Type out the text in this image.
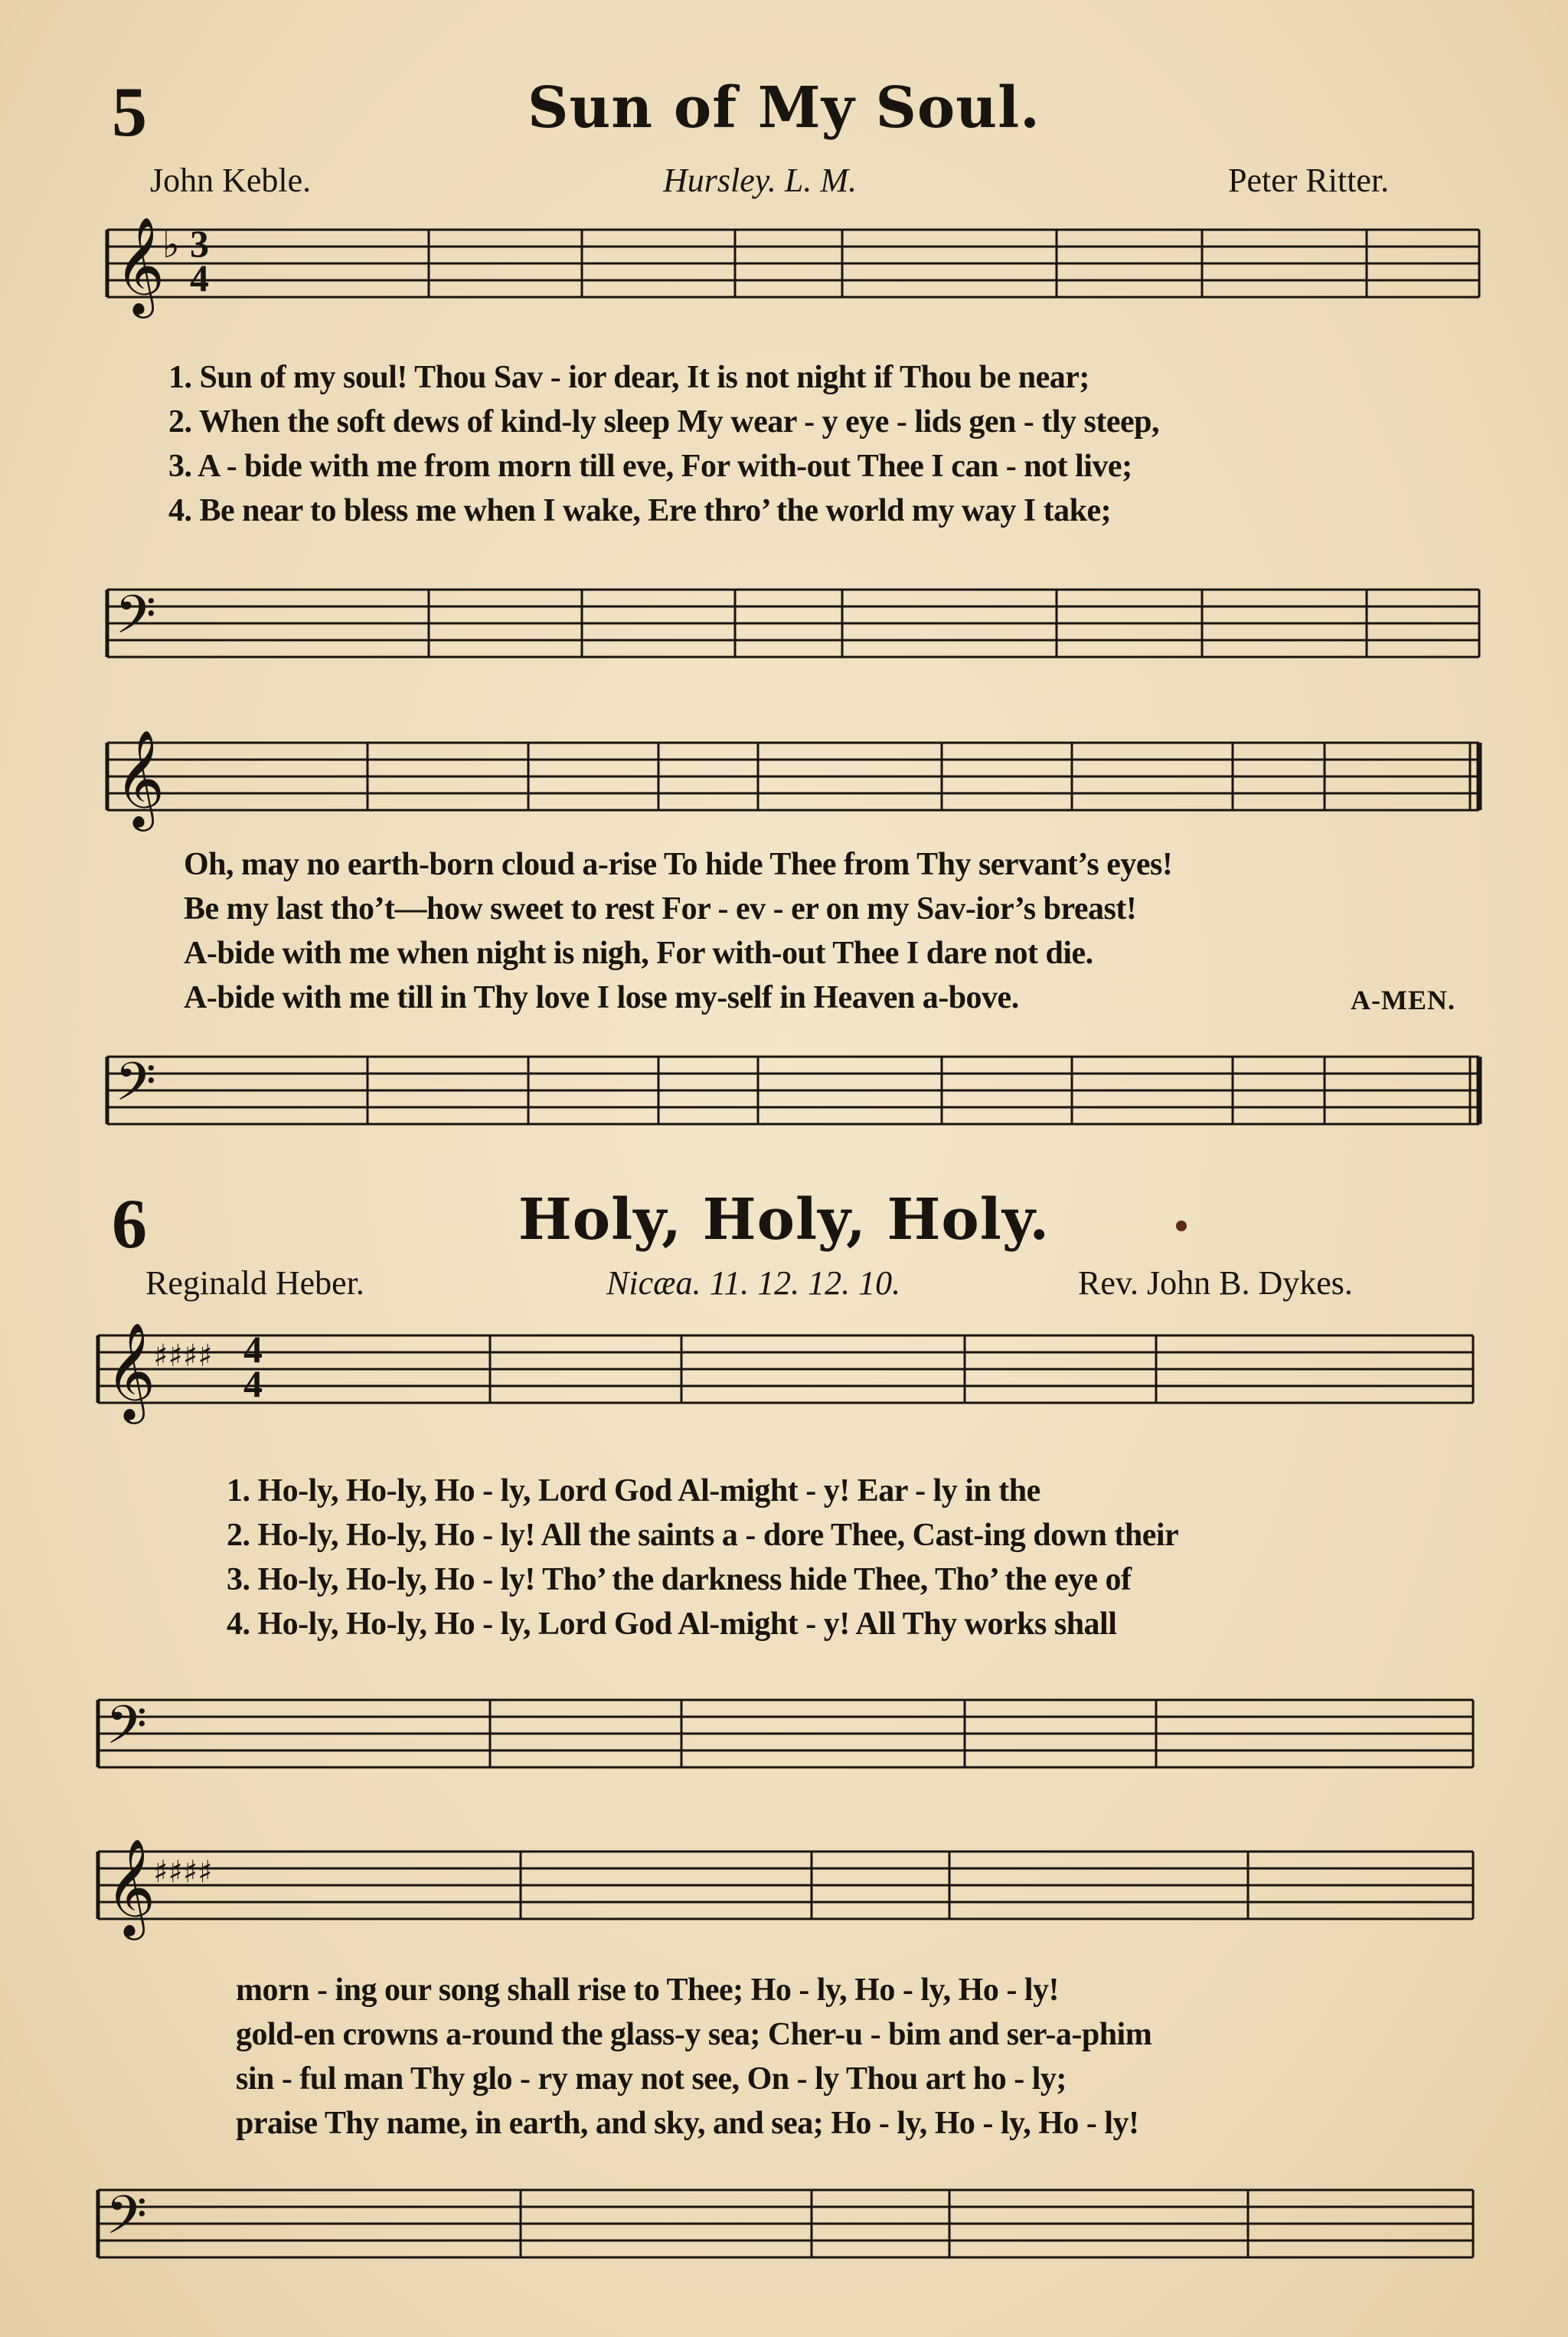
5	Sun of My Soul.
John Keble.	Hursley. L. M.	Peter Ritter.
𝄞
♭ 3
4
1. Sun of my soul! Thou Sav - ior dear, It is not night if Thou be near;
2. When the soft dews of kind-ly sleep My wear - y eye - lids gen - tly steep,
3. A - bide with me from morn till eve, For with-out Thee I can - not live;
4. Be near to bless me when I wake, Ere thro’ the world my way I take;
𝄢
𝄞
Oh, may no earth-born cloud a-rise To hide Thee from Thy servant’s eyes!
Be my last tho’t—how sweet to rest For - ev - er on my Sav-ior’s breast!
A-bide with me when night is nigh, For with-out Thee I dare not die.
A-bide with me till in Thy love I lose my-self in Heaven a-bove.	A-MEN.
𝄢
6	Holy, Holy, Holy.
Reginald Heber.	Nicæa. 11. 12. 12. 10.	Rev. John B. Dykes.
𝄞
♯♯♯♯ 4
4
1. Ho-ly, Ho-ly, Ho - ly, Lord God Al-might - y! Ear - ly in the
2. Ho-ly, Ho-ly, Ho - ly! All the saints a - dore Thee, Cast-ing down their
3. Ho-ly, Ho-ly, Ho - ly! Tho’ the darkness hide Thee, Tho’ the eye of
4. Ho-ly, Ho-ly, Ho - ly, Lord God Al-might - y! All Thy works shall
𝄢
𝄞
♯♯♯♯
morn - ing our song shall rise to Thee; Ho - ly, Ho - ly, Ho - ly!
gold-en crowns a-round the glass-y sea; Cher-u - bim and ser-a-phim
sin - ful man Thy glo - ry may not see, On - ly Thou art ho - ly;
praise Thy name, in earth, and sky, and sea; Ho - ly, Ho - ly, Ho - ly!
𝄢
